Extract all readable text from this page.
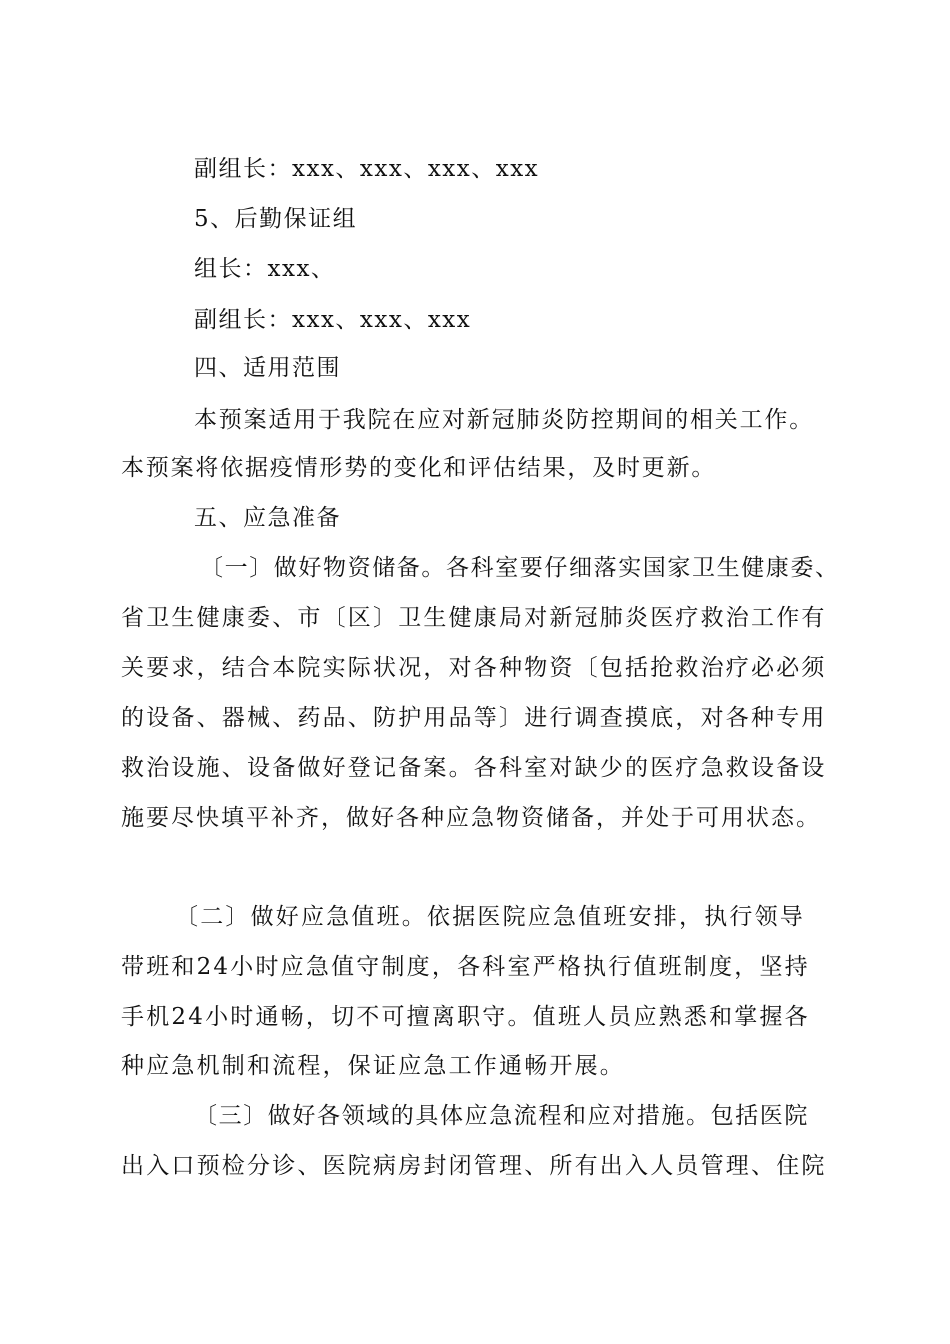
副组长：xxx、xxx、xxx、xxx
5、后勤保证组
组长：xxx、
副组长：xxx、xxx、xxx
四、适用范围
本预案适用于我院在应对新冠肺炎防控期间的相关工作。
本预案将依据疫情形势的变化和评估结果，及时更新。
五、应急准备
〔一〕做好物资储备。各科室要仔细落实国家卫生健康委、
省卫生健康委、市〔区〕卫生健康局对新冠肺炎医疗救治工作有
关要求，结合本院实际状况，对各种物资〔包括抢救治疗必必须
的设备、器械、药品、防护用品等〕进行调查摸底，对各种专用
救治设施、设备做好登记备案。各科室对缺少的医疗急救设备设
施要尽快填平补齐，做好各种应急物资储备，并处于可用状态。
〔二〕做好应急值班。依据医院应急值班安排，执行领导
带班和24小时应急值守制度，各科室严格执行值班制度，坚持
手机24小时通畅，切不可擅离职守。值班人员应熟悉和掌握各
种应急机制和流程，保证应急工作通畅开展。
〔三〕做好各领域的具体应急流程和应对措施。包括医院
出入口预检分诊、医院病房封闭管理、所有出入人员管理、住院
